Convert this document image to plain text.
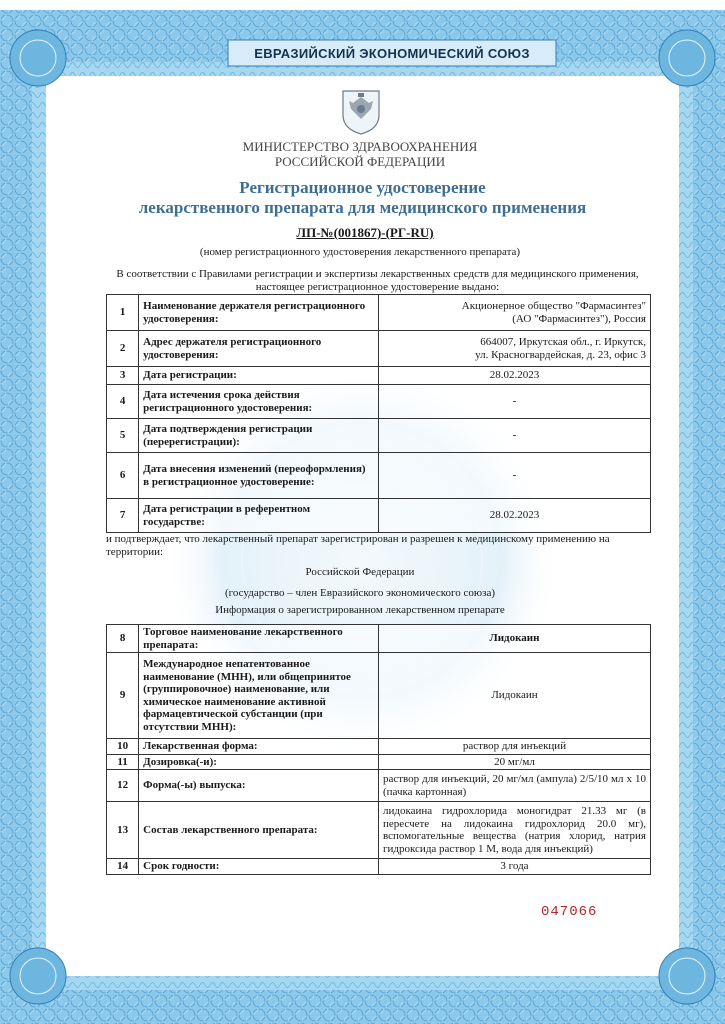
ЕВРАЗИЙСКИЙ ЭКОНОМИЧЕСКИЙ СОЮЗ
МИНИСТЕРСТВО ЗДРАВООХРАНЕНИЯ
РОССИЙСКОЙ ФЕДЕРАЦИИ
Регистрационное удостоверение
лекарственного препарата для медицинского применения
ЛП-№(001867)-(РГ-RU)
(номер регистрационного удостоверения лекарственного препарата)
В соответствии с Правилами регистрации и экспертизы лекарственных средств для медицинского применения, настоящее регистрационное удостоверение выдано:
1	Наименование держателя регистрационного удостоверения:	Акционерное общество "Фармасинтез"
(АО "Фармасинтез"), Россия

2	Адрес держателя регистрационного удостоверения:	664007, Иркутская обл., г. Иркутск,
ул. Красногвардейская, д. 23, офис 3

3	Дата регистрации:	28.02.2023

4	Дата истечения срока действия регистрационного удостоверения:	-

5	Дата подтверждения регистрации (перерегистрации):	-

6	Дата внесения изменений (переоформления) в регистрационное удостоверение:	-

7	Дата регистрации в референтном государстве:	28.02.2023
и подтверждает, что лекарственный препарат зарегистрирован и разрешен к медицинскому применению на территории:
Российской Федерации
(государство – член Евразийского экономического союза)
Информация о зарегистрированном лекарственном препарате
8	Торговое наименование лекарственного препарата:	Лидокаин
9	Международное непатентованное наименование (МНН), или общепринятое (группировочное) наименование, или химическое наименование активной фармацевтической субстанции (при отсутствии МНН):	Лидокаин
10	Лекарственная форма:	раствор для инъекций
11	Дозировка(-и):	20 мг/мл
12	Форма(-ы) выпуска:	раствор для инъекций, 20 мг/мл (ампула) 2/5/10 мл х 10 (пачка картонная)
13	Состав лекарственного препарата:	лидокаина гидрохлорида моногидрат 21.33 мг (в пересчете на лидокаина гидрохлорид 20.0 мг), вспомогательные вещества (натрия хлорид, натрия гидроксида раствор 1 М, вода для инъекций)
14	Срок годности:	3 года
047066
